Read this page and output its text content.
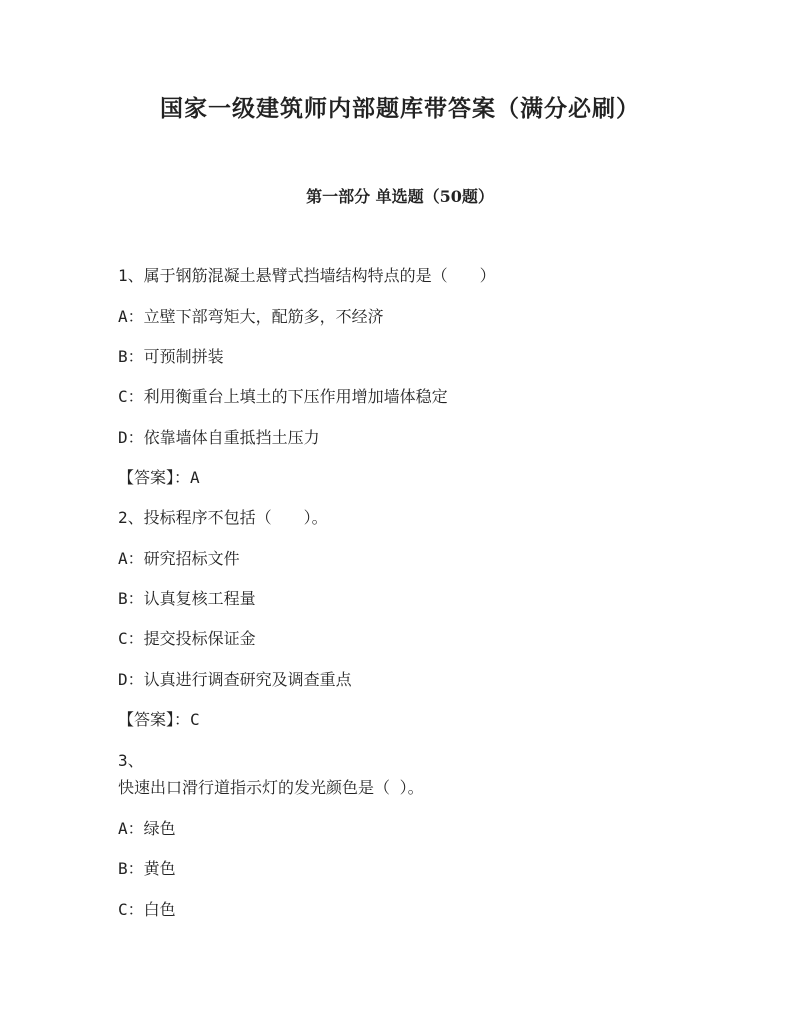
国家一级建筑师内部题库带答案（满分必刷）
第一部分 单选题（50题）
1、属于钢筋混凝土悬臂式挡墙结构特点的是（　　）
A：立壁下部弯矩大，配筋多，不经济
B：可预制拼装
C：利用衡重台上填土的下压作用增加墙体稳定
D：依靠墙体自重抵挡土压力
【答案】：A
2、投标程序不包括（　　）。
A：研究招标文件
B：认真复核工程量
C：提交投标保证金
D：认真进行调查研究及调查重点
【答案】：C
3、
快速出口滑行道指示灯的发光颜色是（ ）。
A：绿色
B：黄色
C：白色
